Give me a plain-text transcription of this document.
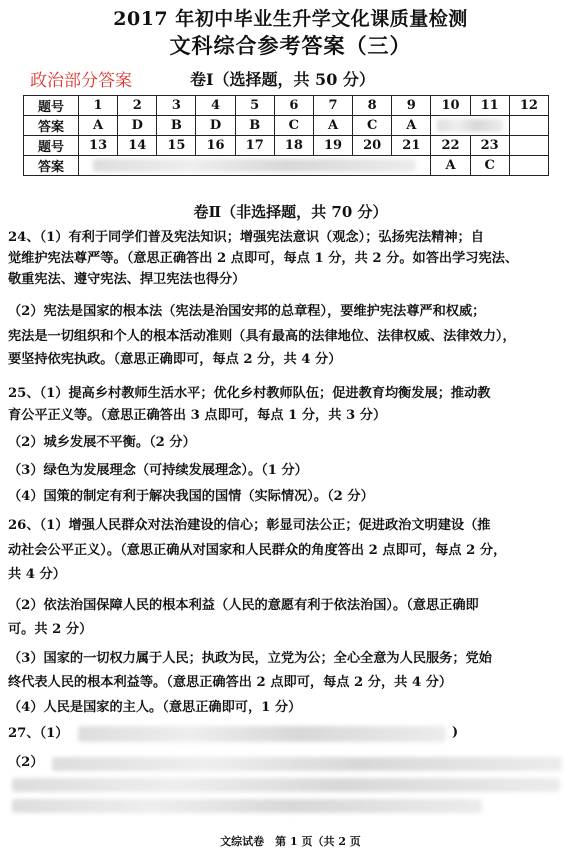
2017 年初中毕业生升学文化课质量检测
文科综合参考答案（三）
政治部分答案	卷Ⅰ（选择题，共 50 分）
题号	1	2	3	4	5	6	7	8	9	10	11	12
答案	A	D	B	D	B	C	A	C	A		

题号	13	14	15	16	17	18	19	20	21	22	23	
答案										A	C	
卷Ⅱ（非选择题，共 70 分）
24、（1）有利于同学们普及宪法知识；增强宪法意识（观念）；弘扬宪法精神；自
觉维护宪法尊严等。（意思正确答出 2 点即可，每点 1 分，共 2 分。如答出学习宪法、
敬重宪法、遵守宪法、捍卫宪法也得分）
（2）宪法是国家的根本法（宪法是治国安邦的总章程），要维护宪法尊严和权威；
宪法是一切组织和个人的根本活动准则（具有最高的法律地位、法律权威、法律效力），
要坚持依宪执政。（意思正确即可，每点 2 分，共 4 分）
25、（1）提高乡村教师生活水平；优化乡村教师队伍；促进教育均衡发展；推动教
育公平正义等。（意思正确答出 3 点即可，每点 1 分，共 3 分）
（2）城乡发展不平衡。（2 分）
（3）绿色为发展理念（可持续发展理念）。（1 分）
（4）国策的制定有利于解决我国的国情（实际情况）。（2 分）
26、（1）增强人民群众对法治建设的信心；彰显司法公正；促进政治文明建设（推
动社会公平正义）。（意思正确从对国家和人民群众的角度答出 2 点即可，每点 2 分，
共 4 分）
（2）依法治国保障人民的根本利益（人民的意愿有利于依法治国）。（意思正确即
可。共 2 分）
（3）国家的一切权力属于人民；执政为民，立党为公；全心全意为人民服务；党始
终代表人民的根本利益等。（意思正确答出 2 点即可，每点 2 分，共 4 分）
（4）人民是国家的主人。（意思正确即可，1 分）
27、（1）	)
（2）
文综试卷　第 1 页（共 2 页
